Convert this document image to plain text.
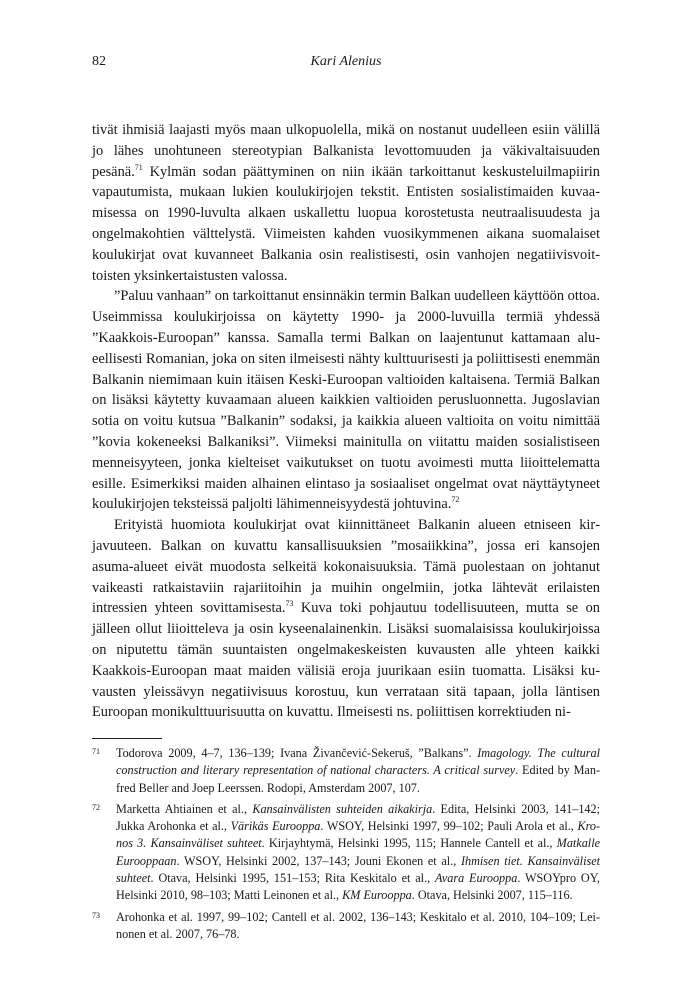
82	Kari Alenius

tivät ihmisiä laajasti myös maan ulkopuolella, mikä on nostanut uudelleen esiin välillä jo lähes unohtuneen stereotypian Balkanista levottomuuden ja väkivaltaisuuden pesänä.$^{71}$ Kylmän sodan päättyminen on niin ikään tarkoittanut keskusteluilmapiirin vapautumista, mukaan lukien koulukirjojen tekstit. Entisten sosialistimaiden kuvaamisessa on 1990-luvulta alkaen uskallettu luopua korostetusta neutraalisuudesta ja ongelmakohtien välttelystä. Viimeisten kahden vuosikymmenen aikana suomalaiset koulukirjat ovat kuvanneet Balkania osin realistisesti, osin vanhojen negatiivisvoittoisten yksinkertaistusten valossa.

”Paluu vanhaan” on tarkoittanut ensinnäkin termin Balkan uudelleen käyttöön ottoa. Useimmissa koulukirjoissa on käytetty 1990- ja 2000-luvuilla termiä yhdessä ”Kaakkois-Euroopan” kanssa. Samalla termi Balkan on laajentunut kattamaan alueellisesti Romanian, joka on siten ilmeisesti nähty kulttuurisesti ja poliittisesti enemmän Balkanin niemimaan kuin itäisen Keski-Euroopan valtioiden kaltaisena. Termiä Balkan on lisäksi käytetty kuvaamaan alueen kaikkien valtioiden perusluonnetta. Jugoslavian sotia on voitu kutsua ”Balkanin” sodaksi, ja kaikkia alueen valtioita on voitu nimittää ”kovia kokeneeksi Balkaniksi”. Viimeksi mainitulla on viitattu maiden sosialistiseen menneisyyteen, jonka kielteiset vaikutukset on tuotu avoimesti mutta liioittelematta esille. Esimerkiksi maiden alhainen elintaso ja sosiaaliset ongelmat ovat näyttäytyneet koulukirjojen teksteissä paljolti lähimenneisyydestä johtuvina.$^{72}$

Erityistä huomiota koulukirjat ovat kiinnittäneet Balkanin alueen etniseen kirjavuuteen. Balkan on kuvattu kansallisuuksien ”mosaiikkina”, jossa eri kansojen asuma-alueet eivät muodosta selkeitä kokonaisuuksia. Tämä puolestaan on johtanut vaikeasti ratkaistaviin rajariitoihin ja muihin ongelmiin, jotka lähtevät erilaisten intressien yhteen sovittamisesta.$^{73}$ Kuva toki pohjautuu todellisuuteen, mutta se on jälleen ollut liioitteleva ja osin kyseenalainenkin. Lisäksi suomalaisissa koulukirjoissa on niputettu tämän suuntaisten ongelmakeskeisten kuvausten alle yhteen kaikki Kaakkois-Euroopan maat maiden välisiä eroja juurikaan esiin tuomatta. Lisäksi kuvausten yleissävyn negatiivisuus korostuu, kun verrataan sitä tapaan, jolla läntisen Euroopan monikulttuurisuutta on kuvattu. Ilmeisesti ns. poliittisen korrektiuden ni-

71 Todorova 2009, 4–7, 136–139; Ivana Živančević-Sekeruš, ”Balkans”. Imagology. The cultural construction and literary representation of national characters. A critical survey. Edited by Manfred Beller and Joep Leerssen. Rodopi, Amsterdam 2007, 107.
72 Marketta Ahtiainen et al., Kansainvälisten suhteiden aikakirja. Edita, Helsinki 2003, 141–142; Jukka Arohonka et al., Värikäs Eurooppa. WSOY, Helsinki 1997, 99–102; Pauli Arola et al., Kronos 3. Kansainväliset suhteet. Kirjayhtymä, Helsinki 1995, 115; Hannele Cantell et al., Matkalle Eurooppaan. WSOY, Helsinki 2002, 137–143; Jouni Ekonen et al., Ihmisen tiet. Kansainväliset suhteet. Otava, Helsinki 1995, 151–153; Rita Keskitalo et al., Avara Eurooppa. WSOYpro OY, Helsinki 2010, 98–103; Matti Leinonen et al., KM Eurooppa. Otava, Helsinki 2007, 115–116.
73 Arohonka et al. 1997, 99–102; Cantell et al. 2002, 136–143; Keskitalo et al. 2010, 104–109; Leinonen et al. 2007, 76–78.
